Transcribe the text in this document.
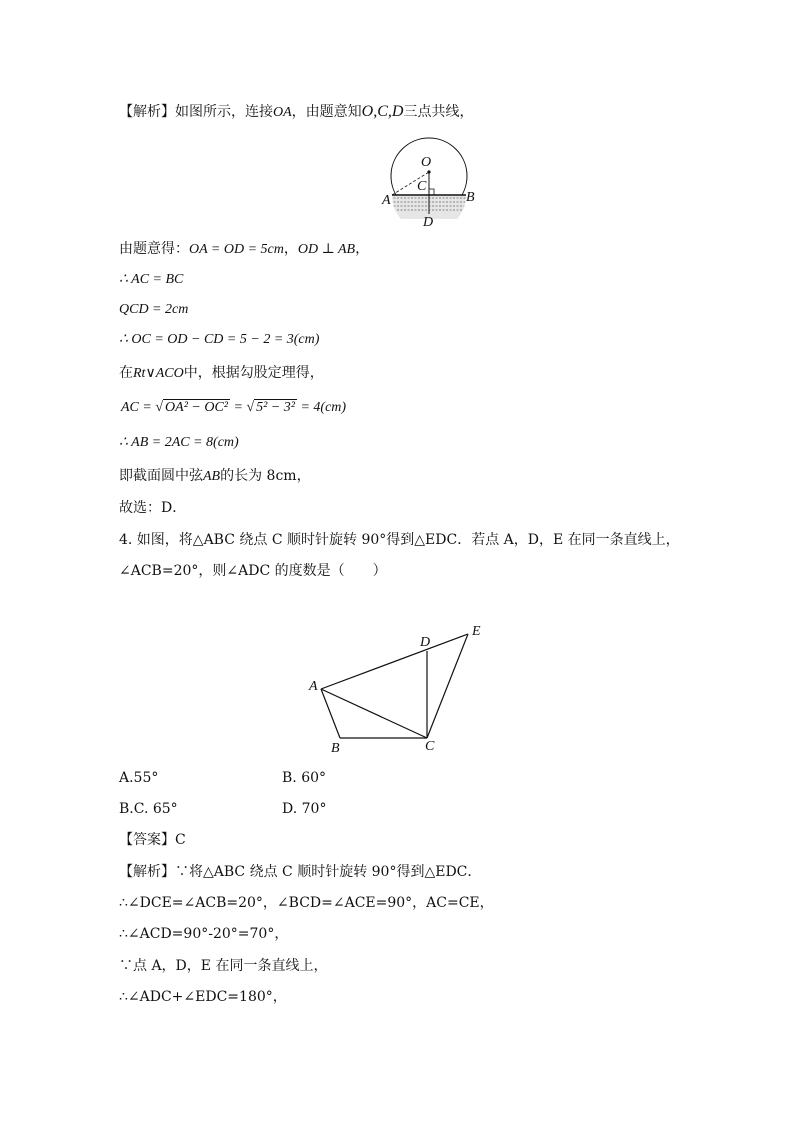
【解析】如图所示，连接OA，由题意知O,C,D三点共线，
O
C
A	B
D
由题意得：OA = OD = 5cm，OD ⊥ AB，
∴ AC = BC
QCD = 2cm
∴ OC = OD − CD = 5 − 2 = 3(cm)
在Rt∨ACO中，根据勾股定理得，
AC = √ OA² − OC² = √ 5² − 3² = 4(cm)
∴ AB = 2AC = 8(cm)
即截面圆中弦AB的长为 8cm，
故选：D．
4. 如图，将△ABC 绕点 C 顺时针旋转 90°得到△EDC．若点 A，D，E 在同一条直线上，
∠ACB=20°，则∠ADC 的度数是（　　）
D
E
A
B	C
A.55°	B. 60°
B.C. 65°	D. 70°
【答案】C
【解析】∵将△ABC 绕点 C 顺时针旋转 90°得到△EDC．
∴∠DCE=∠ACB=20°，∠BCD=∠ACE=90°，AC=CE，
∴∠ACD=90°-20°=70°，
∵点 A，D，E 在同一条直线上，
∴∠ADC+∠EDC=180°，
